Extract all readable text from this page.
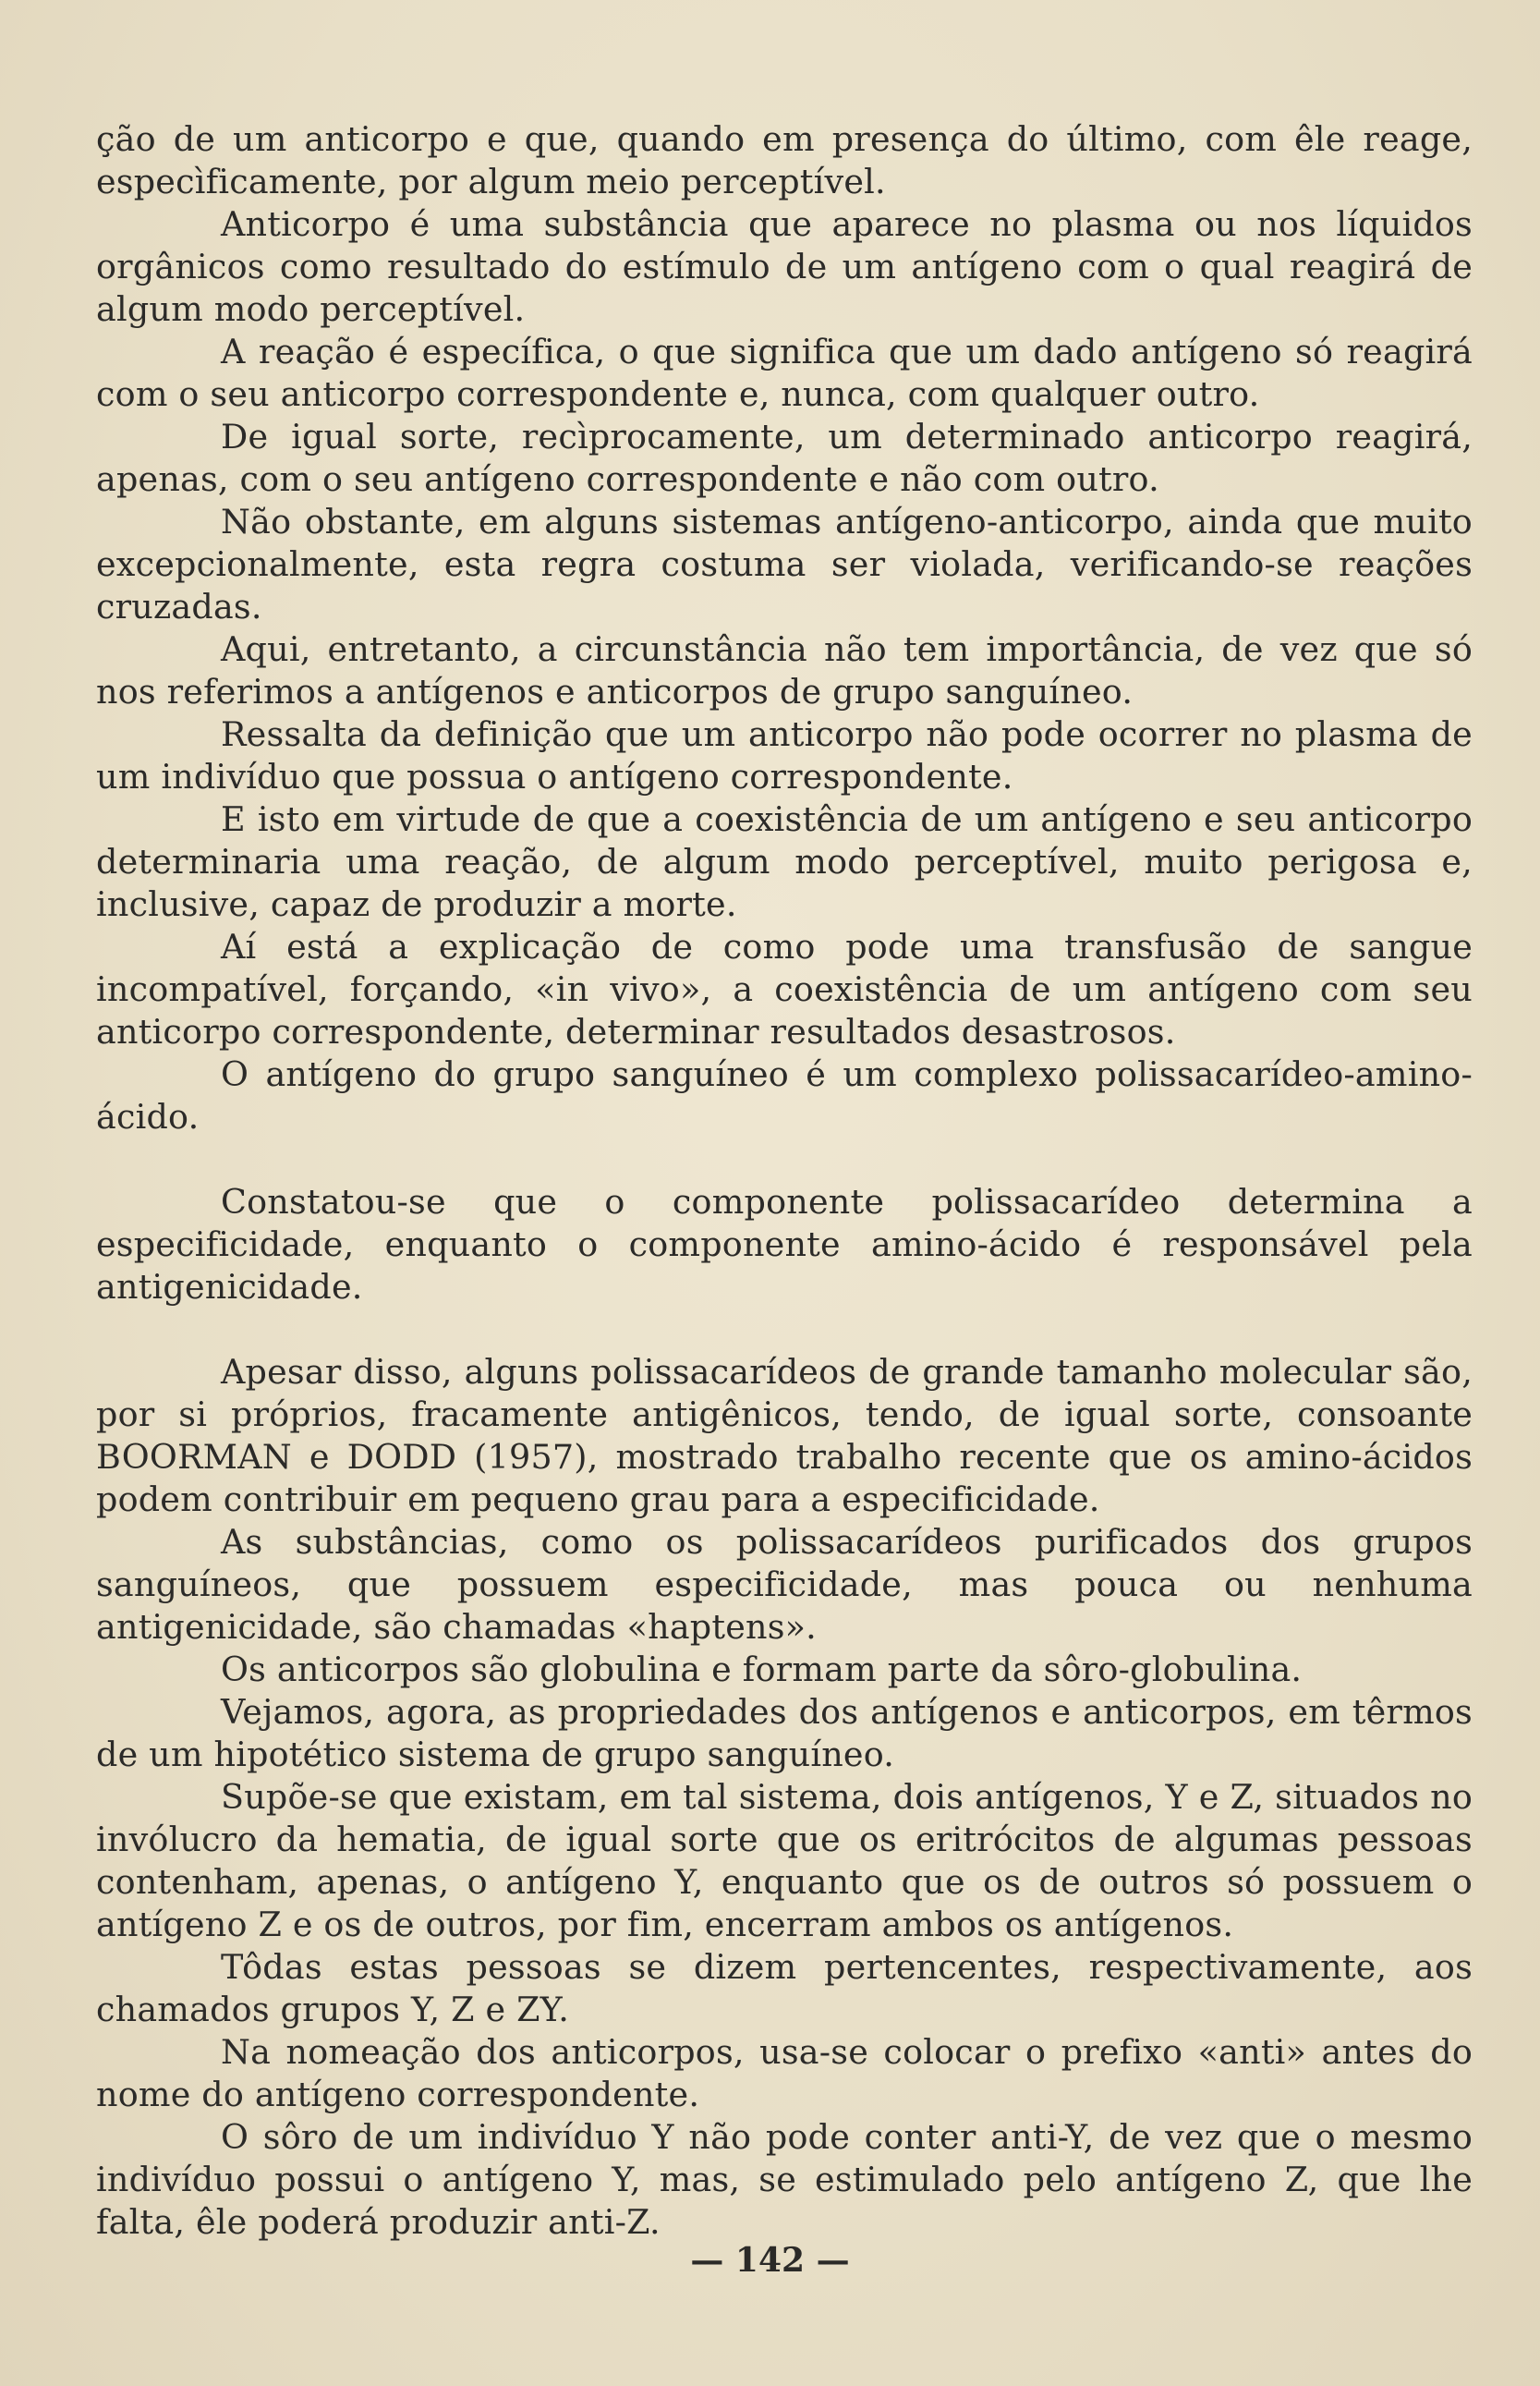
ção de um anticorpo e que, quando em presença do último, com êle reage, especìficamente, por algum meio perceptível.

Anticorpo é uma substância que aparece no plasma ou nos líquidos orgânicos como resultado do estímulo de um antígeno com o qual reagirá de algum modo perceptível.

A reação é específica, o que significa que um dado antígeno só reagirá com o seu anticorpo correspondente e, nunca, com qualquer outro.

De igual sorte, recìprocamente, um determinado anticorpo reagirá, apenas, com o seu antígeno correspondente e não com outro.

Não obstante, em alguns sistemas antígeno-anticorpo, ainda que muito excepcionalmente, esta regra costuma ser violada, verificando-se reações cruzadas.

Aqui, entretanto, a circunstância não tem importância, de vez que só nos referimos a antígenos e anticorpos de grupo sanguíneo.

Ressalta da definição que um anticorpo não pode ocorrer no plasma de um indivíduo que possua o antígeno correspondente.

E isto em virtude de que a coexistência de um antígeno e seu anticorpo determinaria uma reação, de algum modo perceptível, muito perigosa e, inclusive, capaz de produzir a morte.

Aí está a explicação de como pode uma transfusão de sangue incompatível, forçando, «in vivo», a coexistência de um antígeno com seu anticorpo correspondente, determinar resultados desastrosos.

O antígeno do grupo sanguíneo é um complexo polissacarídeo-amino-ácido.

Constatou-se que o componente polissacarídeo determina a especificidade, enquanto o componente amino-ácido é responsável pela antigenicidade.

Apesar disso, alguns polissacarídeos de grande tamanho molecular são, por si próprios, fracamente antigênicos, tendo, de igual sorte, consoante BOORMAN e DODD (1957), mostrado trabalho recente que os amino-ácidos podem contribuir em pequeno grau para a especificidade.

As substâncias, como os polissacarídeos purificados dos grupos sanguíneos, que possuem especificidade, mas pouca ou nenhuma antigenicidade, são chamadas «haptens».

Os anticorpos são globulina e formam parte da sôro-globulina.

Vejamos, agora, as propriedades dos antígenos e anticorpos, em têrmos de um hipotético sistema de grupo sanguíneo.

Supõe-se que existam, em tal sistema, dois antígenos, Y e Z, situados no invólucro da hematia, de igual sorte que os eritrócitos de algumas pessoas contenham, apenas, o antígeno Y, enquanto que os de outros só possuem o antígeno Z e os de outros, por fim, encerram ambos os antígenos.

Tôdas estas pessoas se dizem pertencentes, respectivamente, aos chamados grupos Y, Z e ZY.

Na nomeação dos anticorpos, usa-se colocar o prefixo «anti» antes do nome do antígeno correspondente.

O sôro de um indivíduo Y não pode conter anti-Y, de vez que o mesmo indivíduo possui o antígeno Y, mas, se estimulado pelo antígeno Z, que lhe falta, êle poderá produzir anti-Z.

— 142 —
